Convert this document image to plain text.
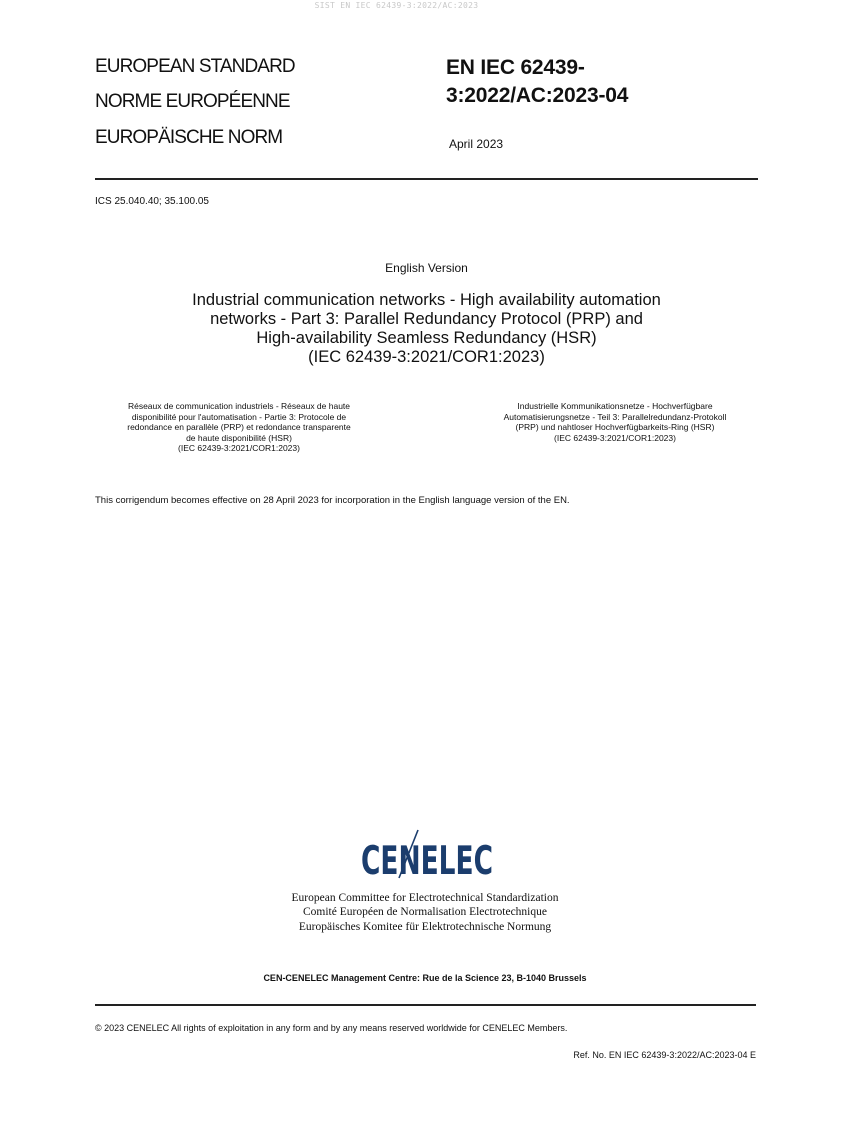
SIST EN IEC 62439-3:2022/AC:2023
EUROPEAN STANDARD
NORME EUROPÉENNE
EUROPÄISCHE NORM
EN IEC 62439-
3:2022/AC:2023-04
April 2023
ICS 25.040.40; 35.100.05
English Version
Industrial communication networks - High availability automation
networks - Part 3: Parallel Redundancy Protocol (PRP) and
High-availability Seamless Redundancy (HSR)
(IEC 62439-3:2021/COR1:2023)
Réseaux de communication industriels - Réseaux de haute
disponibilité pour l'automatisation - Partie 3: Protocole de
redondance en parallèle (PRP) et redondance transparente
de haute disponibilité (HSR)
(IEC 62439-3:2021/COR1:2023)
Industrielle Kommunikationsnetze - Hochverfügbare
Automatisierungsnetze - Teil 3: Parallelredundanz-Protokoll
(PRP) und nahtloser Hochverfügbarkeits-Ring (HSR)
(IEC 62439-3:2021/COR1:2023)
This corrigendum becomes effective on 28 April 2023 for incorporation in the English language version of the EN.
CENELEC
European Committee for Electrotechnical Standardization
Comité Européen de Normalisation Electrotechnique
Europäisches Komitee für Elektrotechnische Normung
CEN-CENELEC Management Centre: Rue de la Science 23, B-1040 Brussels
© 2023 CENELEC All rights of exploitation in any form and by any means reserved worldwide for CENELEC Members.
Ref. No. EN IEC 62439-3:2022/AC:2023-04 E
